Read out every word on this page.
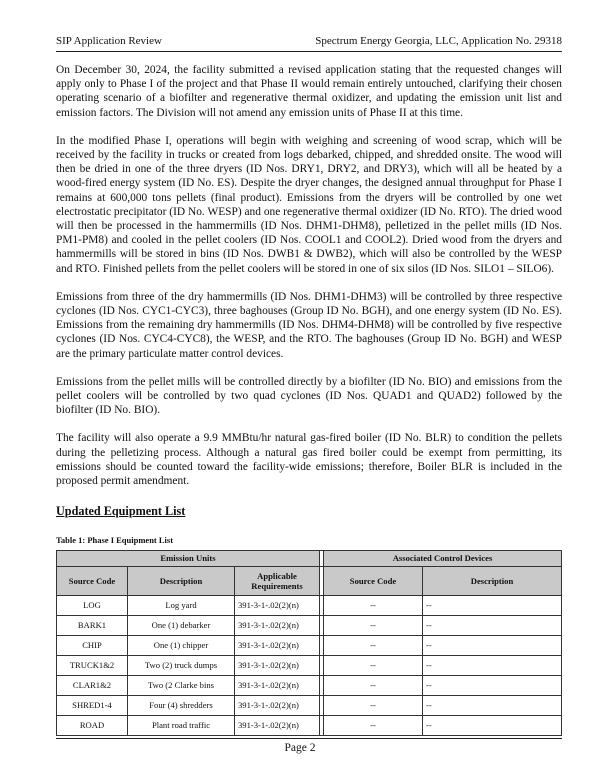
SIP Application Review	Spectrum Energy Georgia, LLC, Application No. 29318

On December 30, 2024, the facility submitted a revised application stating that the requested changes will apply only to Phase I of the project and that Phase II would remain entirely untouched, clarifying their chosen operating scenario of a biofilter and regenerative thermal oxidizer, and updating the emission unit list and emission factors. The Division will not amend any emission units of Phase II at this time.

In the modified Phase I, operations will begin with weighing and screening of wood scrap, which will be received by the facility in trucks or created from logs debarked, chipped, and shredded onsite. The wood will then be dried in one of the three dryers (ID Nos. DRY1, DRY2, and DRY3), which will all be heated by a wood-fired energy system (ID No. ES). Despite the dryer changes, the designed annual throughput for Phase I remains at 600,000 tons pellets (final product). Emissions from the dryers will be controlled by one wet electrostatic precipitator (ID No. WESP) and one regenerative thermal oxidizer (ID No. RTO). The dried wood will then be processed in the hammermills (ID Nos. DHM1-DHM8), pelletized in the pellet mills (ID Nos. PM1-PM8) and cooled in the pellet coolers (ID Nos. COOL1 and COOL2). Dried wood from the dryers and hammermills will be stored in bins (ID Nos. DWB1 & DWB2), which will also be controlled by the WESP and RTO. Finished pellets from the pellet coolers will be stored in one of six silos (ID Nos. SILO1 – SILO6).

Emissions from three of the dry hammermills (ID Nos. DHM1-DHM3) will be controlled by three respective cyclones (ID Nos. CYC1-CYC3), three baghouses (Group ID No. BGH), and one energy system (ID No. ES). Emissions from the remaining dry hammermills (ID Nos. DHM4-DHM8) will be controlled by five respective cyclones (ID Nos. CYC4-CYC8), the WESP, and the RTO. The baghouses (Group ID No. BGH) and WESP are the primary particulate matter control devices.

Emissions from the pellet mills will be controlled directly by a biofilter (ID No. BIO) and emissions from the pellet coolers will be controlled by two quad cyclones (ID Nos. QUAD1 and QUAD2) followed by the biofilter (ID No. BIO).

The facility will also operate a 9.9 MMBtu/hr natural gas-fired boiler (ID No. BLR) to condition the pellets during the pelletizing process. Although a natural gas fired boiler could be exempt from permitting, its emissions should be counted toward the facility-wide emissions; therefore, Boiler BLR is included in the proposed permit amendment.

Updated Equipment List
Table 1: Phase I Equipment List
Emission Units				Associated Control Devices	
Source Code	Description	Applicable Requirements		Source Code	Description
LOG	Log yard	391-3-1-.02(2)(n)		--	--
BARK1	One (1) debarker	391-3-1-.02(2)(n)		--	--
CHIP	One (1) chipper	391-3-1-.02(2)(n)		--	--
TRUCK1&2	Two (2) truck dumps	391-3-1-.02(2)(n)		--	--
CLAR1&2	Two (2 Clarke bins	391-3-1-.02(2)(n)		--	--
SHRED1-4	Four (4) shredders	391-3-1-.02(2)(n)		--	--
ROAD	Plant road traffic	391-3-1-.02(2)(n)		--	--
Page 2
